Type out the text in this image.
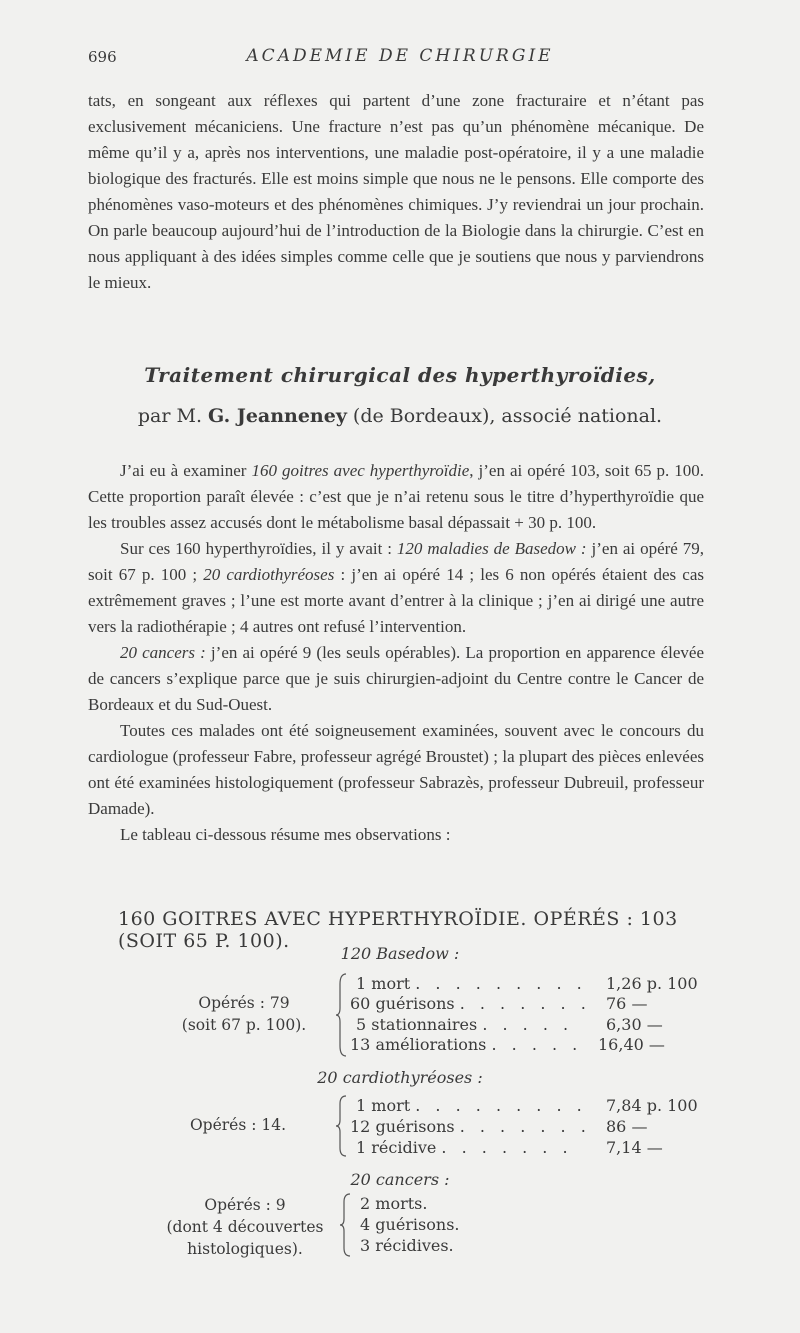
696	ACADEMIE DE CHIRURGIE

tats, en songeant aux réflexes qui partent d’une zone fracturaire et n’étant pas exclusivement mécaniciens. Une fracture n’est pas qu’un phénomène mécanique. De même qu’il y a, après nos interventions, une maladie post-opératoire, il y a une maladie biologique des fracturés. Elle est moins simple que nous ne le pensons. Elle comporte des phénomènes vaso-moteurs et des phénomènes chimiques. J’y reviendrai un jour prochain. On parle beaucoup aujourd’hui de l’introduction de la Biologie dans la chirurgie. C’est en nous appliquant à des idées simples comme celle que je soutiens que nous y parviendrons le mieux.

Traitement chirurgical des hyperthyroïdies,
par M. G. Jeanneney (de Bordeaux), associé national.

J’ai eu à examiner 160 goitres avec hyperthyroïdie, j’en ai opéré 103, soit 65 p. 100. Cette proportion paraît élevée : c’est que je n’ai retenu sous le titre d’hyperthyroïdie que les troubles assez accusés dont le métabolisme basal dépassait + 30 p. 100.

Sur ces 160 hyperthyroïdies, il y avait : 120 maladies de Basedow : j’en ai opéré 79, soit 67 p. 100 ; 20 cardiothyréoses : j’en ai opéré 14 ; les 6 non opérés étaient des cas extrêmement graves ; l’une est morte avant d’entrer à la clinique ; j’en ai dirigé une autre vers la radiothérapie ; 4 autres ont refusé l’intervention.

20 cancers : j’en ai opéré 9 (les seuls opérables). La proportion en apparence élevée de cancers s’explique parce que je suis chirurgien-adjoint du Centre contre le Cancer de Bordeaux et du Sud-Ouest.

Toutes ces malades ont été soigneusement examinées, souvent avec le concours du cardiologue (professeur Fabre, professeur agrégé Broustet) ; la plupart des pièces enlevées ont été examinées histologiquement (professeur Sabrazès, professeur Dubreuil, professeur Damade).

Le tableau ci-dessous résume mes observations :

160 GOITRES AVEC HYPERTHYROÏDIE. OPÉRÉS : 103 (SOIT 65 P. 100).
120 Basedow :
Opérés : 79
(soit 67 p. 100).
1 mort . . . . . . . . . 1,26 p. 100
60 guérisons . . . . . . . 76 —
5 stationnaires . . . . . 6,30 —
13 améliorations . . . . . 16,40 —
20 cardiothyréoses :
Opérés : 14.
1 mort . . . . . . . . . 7,84 p. 100
12 guérisons . . . . . . . 86 —
1 récidive . . . . . . . 7,14 —
20 cancers :
Opérés : 9
(dont 4 découvertes
histologiques).
2 morts.
4 guérisons.
3 récidives.
